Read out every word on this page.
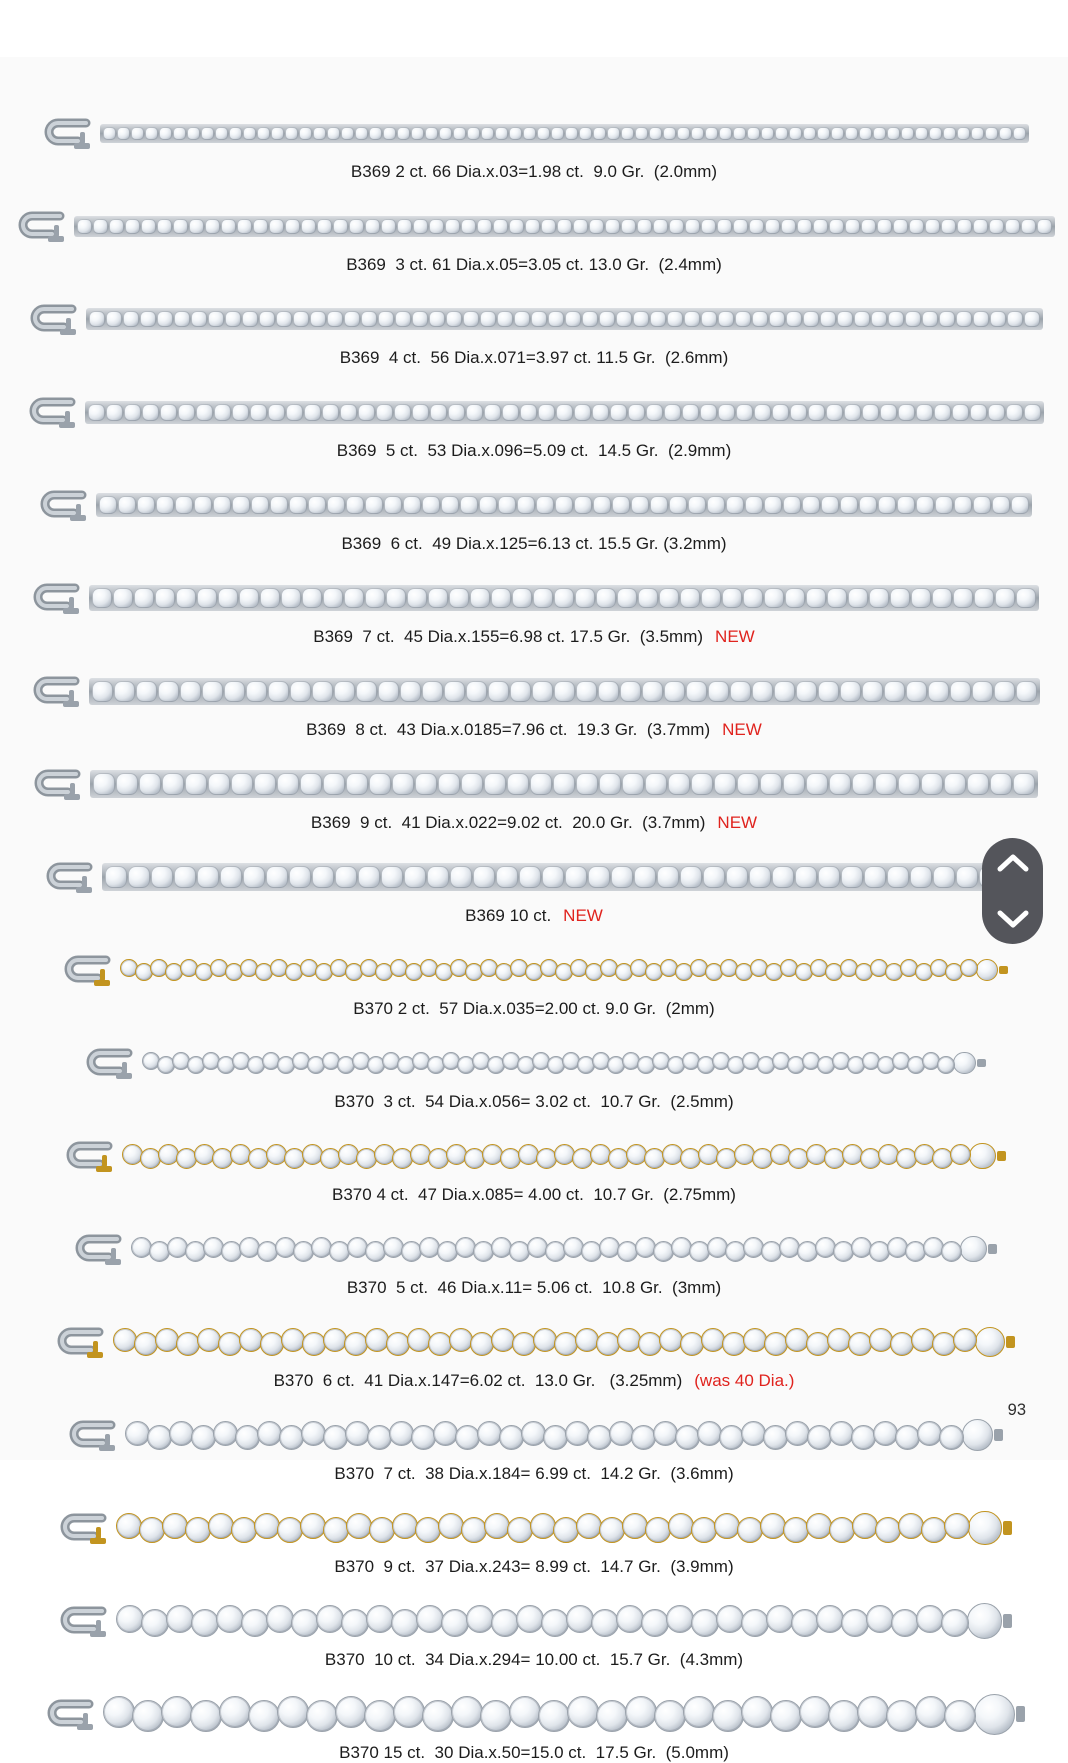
B369 2 ct. 66 Dia.x.03=1.98 ct.  9.0 Gr.  (2.0mm)
B369  3 ct. 61 Dia.x.05=3.05 ct. 13.0 Gr.  (2.4mm)
B369  4 ct.  56 Dia.x.071=3.97 ct. 11.5 Gr.  (2.6mm)
B369  5 ct.  53 Dia.x.096=5.09 ct.  14.5 Gr.  (2.9mm)
B369  6 ct.  49 Dia.x.125=6.13 ct. 15.5 Gr. (3.2mm)
B369  7 ct.  45 Dia.x.155=6.98 ct. 17.5 Gr.  (3.5mm) NEW
B369  8 ct.  43 Dia.x.0185=7.96 ct.  19.3 Gr.  (3.7mm) NEW
B369  9 ct.  41 Dia.x.022=9.02 ct.  20.0 Gr.  (3.7mm) NEW
B369 10 ct. NEW
B370 2 ct.  57 Dia.x.035=2.00 ct. 9.0 Gr.  (2mm)
B370  3 ct.  54 Dia.x.056= 3.02 ct.  10.7 Gr.  (2.5mm)
B370 4 ct.  47 Dia.x.085= 4.00 ct.  10.7 Gr.  (2.75mm)
B370  5 ct.  46 Dia.x.11= 5.06 ct.  10.8 Gr.  (3mm)
B370  6 ct.  41 Dia.x.147=6.02 ct.  13.0 Gr.   (3.25mm) (was 40 Dia.)
B370  7 ct.  38 Dia.x.184= 6.99 ct.  14.2 Gr.  (3.6mm)
B370  9 ct.  37 Dia.x.243= 8.99 ct.  14.7 Gr.  (3.9mm)
B370  10 ct.  34 Dia.x.294= 10.00 ct.  15.7 Gr.  (4.3mm)
B370 15 ct.  30 Dia.x.50=15.0 ct.  17.5 Gr.  (5.0mm)
93
